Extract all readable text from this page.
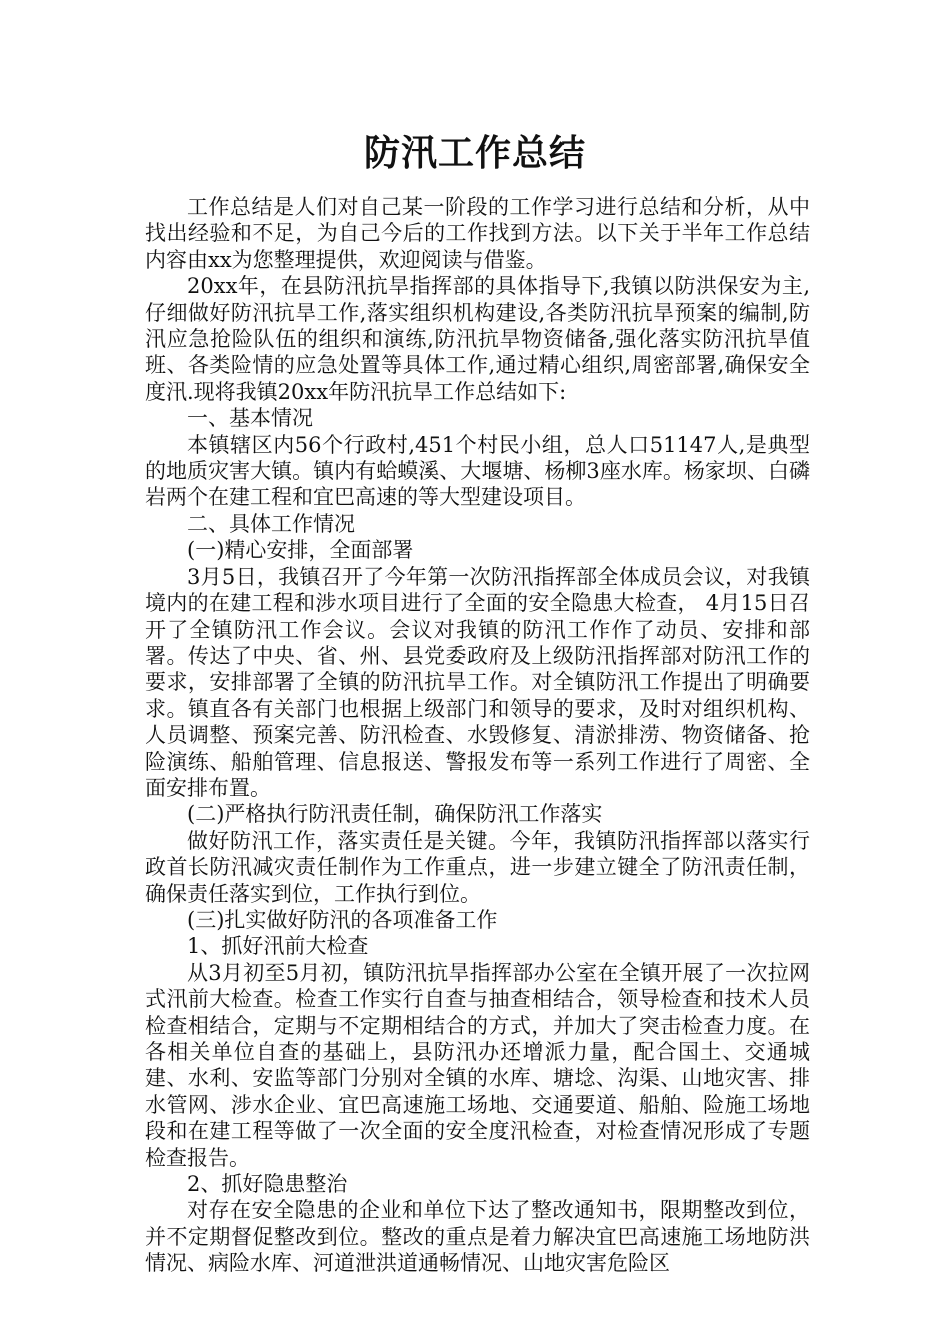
防汛工作总结

工作总结是人们对自己某一阶段的工作学习进行总结和分析，从中找出经验和不足，为自己今后的工作找到方法。以下关于半年工作总结内容由xx为您整理提供，欢迎阅读与借鉴。

20xx年，在县防汛抗旱指挥部的具体指导下,我镇以防洪保安为主,仔细做好防汛抗旱工作,落实组织机构建设,各类防汛抗旱预案的编制,防汛应急抢险队伍的组织和演练,防汛抗旱物资储备,强化落实防汛抗旱值班、各类险情的应急处置等具体工作,通过精心组织,周密部署,确保安全度汛.现将我镇20xx年防汛抗旱工作总结如下:

一、基本情况

本镇辖区内56个行政村,451个村民小组，总人口51147人,是典型的地质灾害大镇。镇内有蛤蟆溪、大堰塘、杨柳3座水库。杨家坝、白磷岩两个在建工程和宜巴高速的等大型建设项目。

二、具体工作情况

(一)精心安排，全面部署

3月5日，我镇召开了今年第一次防汛指挥部全体成员会议，对我镇境内的在建工程和涉水项目进行了全面的安全隐患大检查， 4月15日召开了全镇防汛工作会议。会议对我镇的防汛工作作了动员、安排和部署。传达了中央、省、州、县党委政府及上级防汛指挥部对防汛工作的要求，安排部署了全镇的防汛抗旱工作。对全镇防汛工作提出了明确要求。镇直各有关部门也根据上级部门和领导的要求，及时对组织机构、人员调整、预案完善、防汛检查、水毁修复、清淤排涝、物资储备、抢险演练、船舶管理、信息报送、警报发布等一系列工作进行了周密、全面安排布置。

(二)严格执行防汛责任制，确保防汛工作落实

做好防汛工作，落实责任是关键。今年，我镇防汛指挥部以落实行政首长防汛减灾责任制作为工作重点，进一步建立键全了防汛责任制，确保责任落实到位，工作执行到位。

(三)扎实做好防汛的各项准备工作

1、抓好汛前大检查

从3月初至5月初，镇防汛抗旱指挥部办公室在全镇开展了一次拉网式汛前大检查。检查工作实行自查与抽查相结合，领导检查和技术人员检查相结合，定期与不定期相结合的方式，并加大了突击检查力度。在各相关单位自查的基础上，县防汛办还增派力量，配合国土、交通城建、水利、安监等部门分别对全镇的水库、塘埝、沟渠、山地灾害、排水管网、涉水企业、宜巴高速施工场地、交通要道、船舶、险施工场地段和在建工程等做了一次全面的安全度汛检查，对检查情况形成了专题检查报告。

2、抓好隐患整治

对存在安全隐患的企业和单位下达了整改通知书，限期整改到位，并不定期督促整改到位。整改的重点是着力解决宜巴高速施工场地防洪情况、病险水库、河道泄洪道通畅情况、山地灾害危险区
